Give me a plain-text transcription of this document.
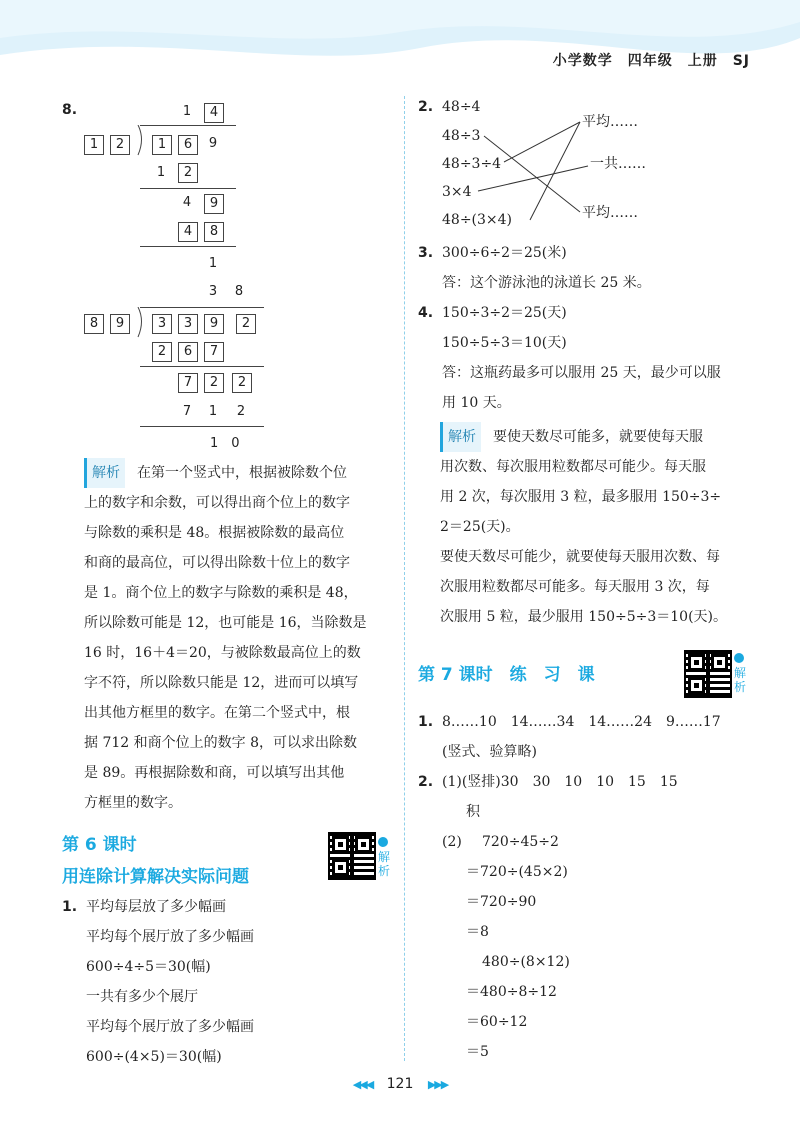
小学数学　四年级　上册　SJ
8.	1	4
1	2	1	6	9
1	2
4	9
4	8
1
3	8
8	9	3	3	9	2
2	6	7
7	2	2
7	1	2
1　0
解析 在第一个竖式中，根据被除数个位
上的数字和余数，可以得出商个位上的数字
与除数的乘积是 48。根据被除数的最高位
和商的最高位，可以得出除数十位上的数字
是 1。商个位上的数字与除数的乘积是 48，
所以除数可能是 12，也可能是 16，当除数是
16 时，16＋4＝20，与被除数最高位上的数
字不符，所以除数只能是 12，进而可以填写
出其他方框里的数字。在第二个竖式中，根
据 712 和商个位上的数字 8，可以求出除数
是 89。再根据除数和商，可以填写出其他
方框里的数字。
第 6 课时
用连除计算解决实际问题
解
析
1. 平均每层放了多少幅画
平均每个展厅放了多少幅画
600÷4÷5＝30(幅)
一共有多少个展厅
平均每个展厅放了多少幅画
600÷(4×5)＝30(幅)
2. 48÷4
48÷3
48÷3÷4
3×4
48÷(3×4)
平均……
一共……
平均……
3. 300÷6÷2＝25(米)
答：这个游泳池的泳道长 25 米。
4. 150÷3÷2＝25(天)
150÷5÷3＝10(天)
答：这瓶药最多可以服用 25 天，最少可以服
用 10 天。
解析 要使天数尽可能多，就要使每天服
用次数、每次服用粒数都尽可能少。每天服
用 2 次，每次服用 3 粒，最多服用 150÷3÷
2＝25(天)。
要使天数尽可能少，就要使每天服用次数、每
次服用粒数都尽可能多。每天服用 3 次，每
次服用 5 粒，最少服用 150÷5÷3＝10(天)。
第 7 课时　练　习　课	解
析
1. 8……10　14……34　14……24　9……17
(竖式、验算略)
2. (1)(竖排)30　30　10　10　15　15
积
(2) 720÷45÷2
＝720÷(45×2)
＝720÷90
＝8
480÷(8×12)
＝480÷8÷12
＝60÷12
＝5
◀◀◀ 121 ▶▶▶
